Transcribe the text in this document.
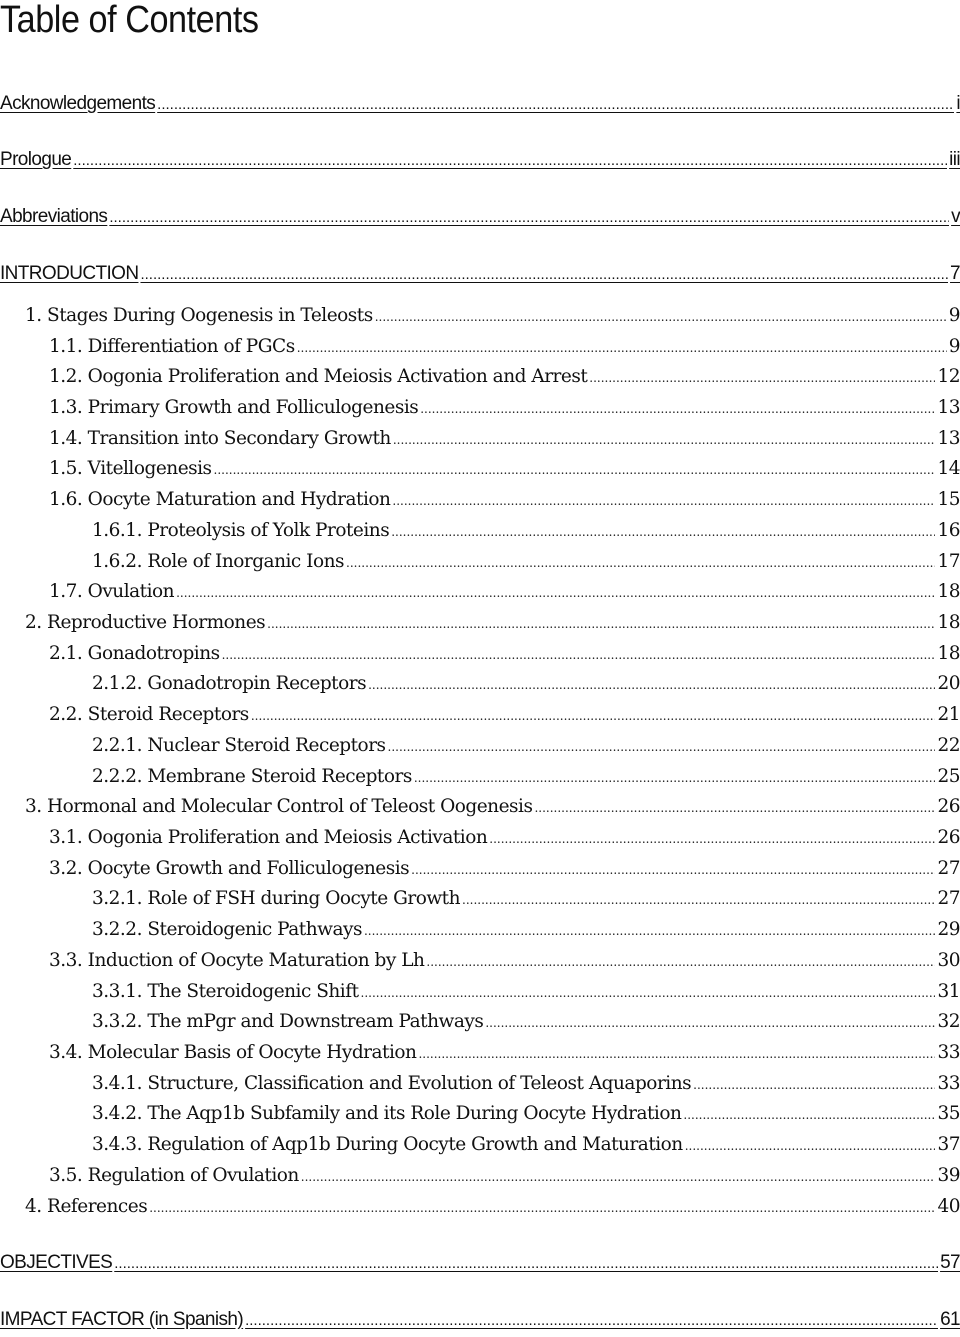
Table of Contents
Acknowledgements .....	i
Prologue .....	iii
Abbreviations .....	v
INTRODUCTION .....	7
1. Stages During Oogenesis in Teleosts .....	9
1.1. Differentiation of PGCs .....	9
1.2. Oogonia Proliferation and Meiosis Activation and Arrest .....	12
1.3. Primary Growth and Folliculogenesis .....	13
1.4. Transition into Secondary Growth .....	13
1.5. Vitellogenesis .....	14
1.6. Oocyte Maturation and Hydration .....	15
1.6.1. Proteolysis of Yolk Proteins .....	16
1.6.2. Role of Inorganic Ions .....	17
1.7. Ovulation .....	18
2. Reproductive Hormones .....	18
2.1. Gonadotropins .....	18
2.1.2. Gonadotropin Receptors .....	20
2.2. Steroid Receptors .....	21
2.2.1. Nuclear Steroid Receptors .....	22
2.2.2. Membrane Steroid Receptors .....	25
3. Hormonal and Molecular Control of Teleost Oogenesis .....	26
3.1. Oogonia Proliferation and Meiosis Activation .....	26
3.2. Oocyte Growth and Folliculogenesis .....	27
3.2.1. Role of FSH during Oocyte Growth .....	27
3.2.2. Steroidogenic Pathways .....	29
3.3. Induction of Oocyte Maturation by Lh .....	30
3.3.1. The Steroidogenic Shift .....	31
3.3.2. The mPgr and Downstream Pathways .....	32
3.4. Molecular Basis of Oocyte Hydration .....	33
3.4.1. Structure, Classification and Evolution of Teleost Aquaporins .....	33
3.4.2. The Aqp1b Subfamily and its Role During Oocyte Hydration .....	35
3.4.3. Regulation of Aqp1b During Oocyte Growth and Maturation .....	37
3.5. Regulation of Ovulation .....	39
4. References .....	40
OBJECTIVES .....	57
IMPACT FACTOR (in Spanish) .....	61
